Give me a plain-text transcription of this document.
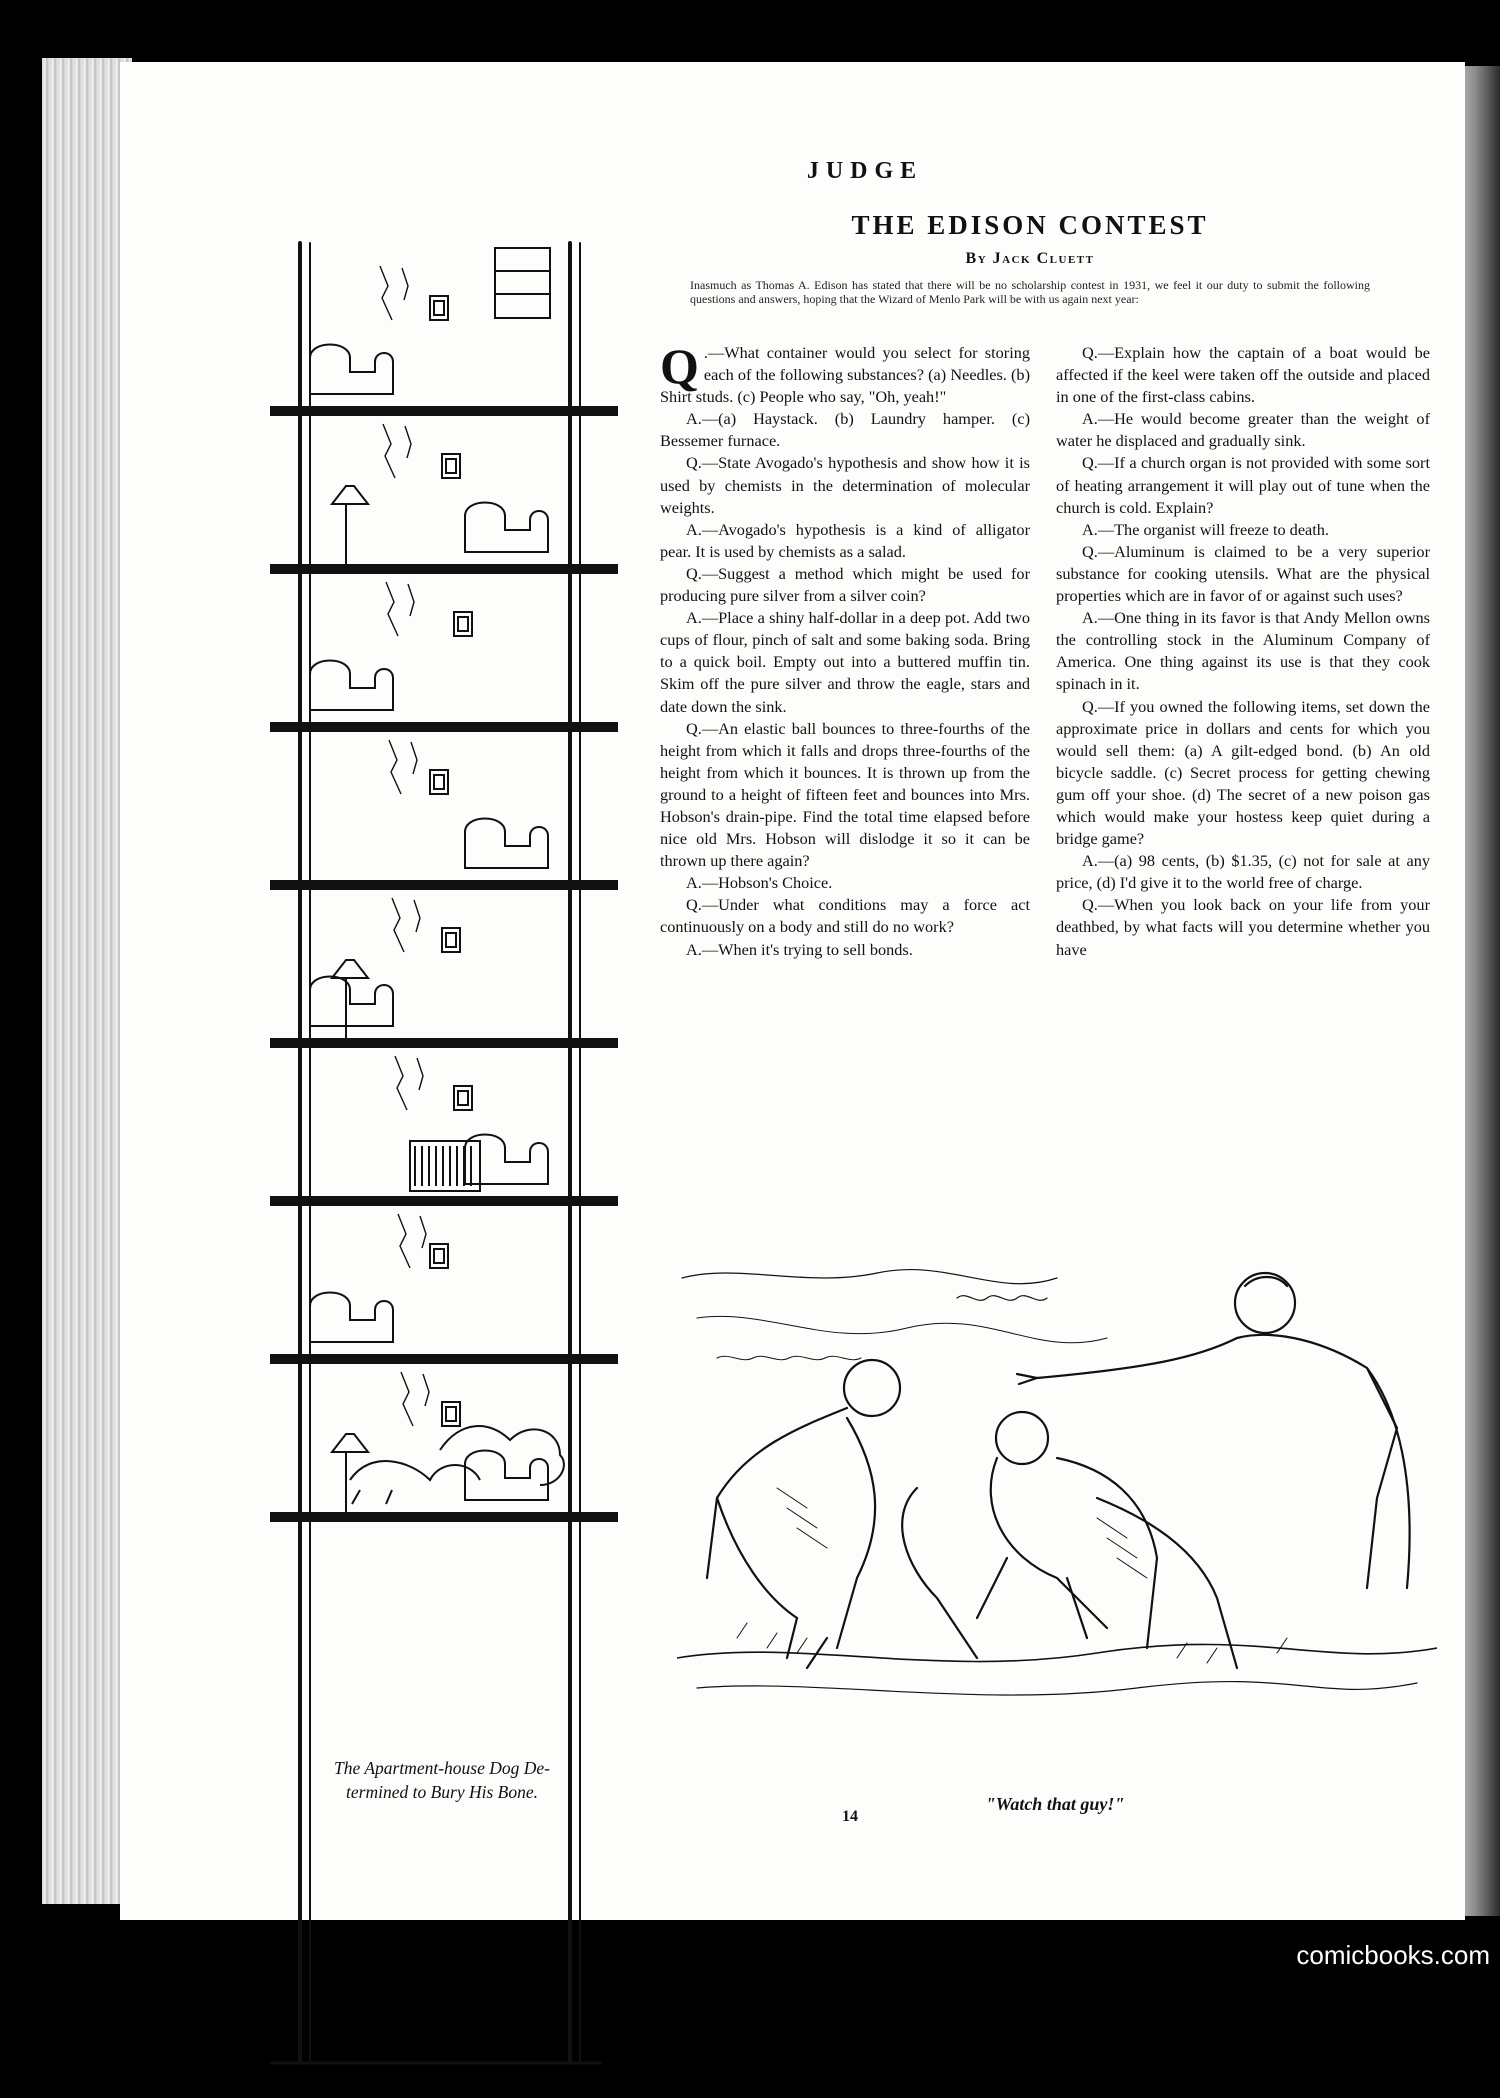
JUDGE
THE EDISON CONTEST
By Jack Cluett
Inasmuch as Thomas A. Edison has stated that there will be no scholarship contest in 1931, we feel it our duty to submit the following questions and answers, hoping that the Wizard of Menlo Park will be with us again next year:
The Apartment-house Dog De-
termined to Bury His Bone.

Q .—What container would you select for storing each of the following substances? (a) Needles. (b) Shirt studs. (c) People who say, "Oh, yeah!"

A.—(a) Haystack. (b) Laundry hamper. (c) Bessemer furnace.

Q.—State Avogado's hypothesis and show how it is used by chemists in the determination of molecular weights.

A.—Avogado's hypothesis is a kind of alligator pear. It is used by chemists as a salad.

Q.—Suggest a method which might be used for producing pure silver from a silver coin?

A.—Place a shiny half-dollar in a deep pot. Add two cups of flour, pinch of salt and some baking soda. Bring to a quick boil. Empty out into a buttered muffin tin. Skim off the pure silver and throw the eagle, stars and date down the sink.

Q.—An elastic ball bounces to three-fourths of the height from which it falls and drops three-fourths of the height from which it bounces. It is thrown up from the ground to a height of fifteen feet and bounces into Mrs. Hobson's drain-pipe. Find the total time elapsed before nice old Mrs. Hobson will dislodge it so it can be thrown up there again?

A.—Hobson's Choice.

Q.—Under what conditions may a force act continuously on a body and still do no work?

A.—When it's trying to sell bonds.

Q.—Explain how the captain of a boat would be affected if the keel were taken off the outside and placed in one of the first-class cabins.

A.—He would become greater than the weight of water he displaced and gradually sink.

Q.—If a church organ is not provided with some sort of heating arrangement it will play out of tune when the church is cold. Explain?

A.—The organist will freeze to death.

Q.—Aluminum is claimed to be a very superior substance for cooking utensils. What are the physical properties which are in favor of or against such uses?

A.—One thing in its favor is that Andy Mellon owns the controlling stock in the Aluminum Company of America. One thing against its use is that they cook spinach in it.

Q.—If you owned the following items, set down the approximate price in dollars and cents for which you would sell them: (a) A gilt-edged bond. (b) An old bicycle saddle. (c) Secret process for getting chewing gum off your shoe. (d) The secret of a new poison gas which would make your hostess keep quiet during a bridge game?

A.—(a) 98 cents, (b) $1.35, (c) not for sale at any price, (d) I'd give it to the world free of charge.

Q.—When you look back on your life from your deathbed, by what facts will you determine whether you have

"Watch that guy!"
14
comicbooks.com
